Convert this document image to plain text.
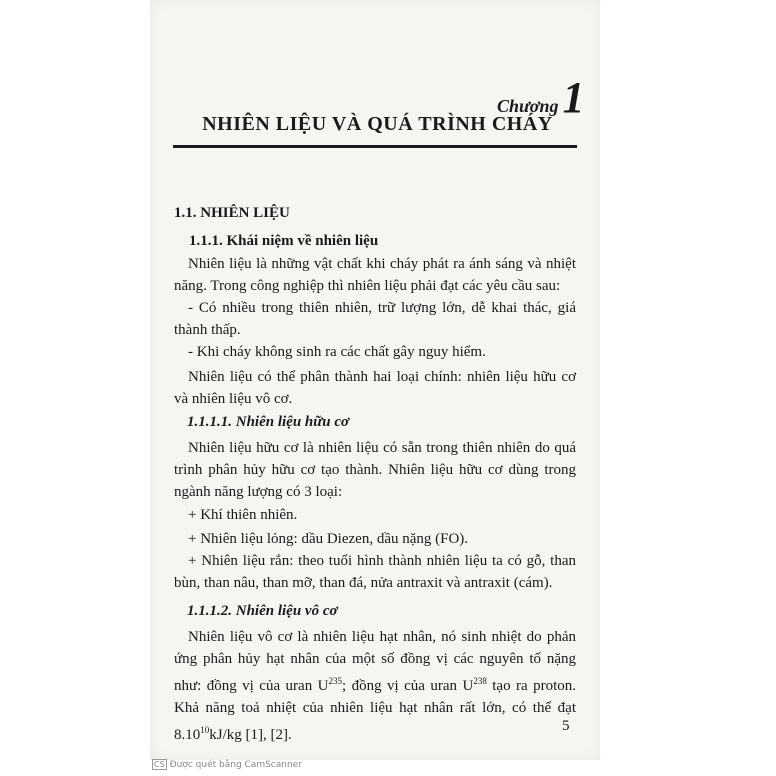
Chương1
NHIÊN LIỆU VÀ QUÁ TRÌNH CHÁY
1.1. NHIÊN LIỆU
1.1.1. Khái niệm về nhiên liệu
Nhiên liệu là những vật chất khi cháy phát ra ánh sáng và nhiệt năng. Trong công nghiệp thì nhiên liệu phải đạt các yêu cầu sau:
- Có nhiều trong thiên nhiên, trữ lượng lớn, dễ khai thác, giá thành thấp.
- Khi cháy không sinh ra các chất gây nguy hiểm.
Nhiên liệu có thể phân thành hai loại chính: nhiên liệu hữu cơ và nhiên liệu vô cơ.
1.1.1.1. Nhiên liệu hữu cơ
Nhiên liệu hữu cơ là nhiên liệu có sẵn trong thiên nhiên do quá trình phân hủy hữu cơ tạo thành. Nhiên liệu hữu cơ dùng trong ngành năng lượng có 3 loại:
+ Khí thiên nhiên.
+ Nhiên liệu lỏng: dầu Diezen, dầu nặng (FO).
+ Nhiên liệu rắn: theo tuổi hình thành nhiên liệu ta có gỗ, than bùn, than nâu, than mỡ, than đá, nửa antraxit và antraxit (cám).
1.1.1.2. Nhiên liệu vô cơ
Nhiên liệu vô cơ là nhiên liệu hạt nhân, nó sinh nhiệt do phản ứng phân hủy hạt nhân của một số đồng vị các nguyên tố nặng như: đồng vị của uran $U^{235}$; đồng vị của uran $U^{238}$ tạo ra proton. Khả năng toả nhiệt của nhiên liệu hạt nhân rất lớn, có thể đạt 8.10$^{10}$kJ/kg [1], [2].
5
CS Được quét bằng CamScanner
